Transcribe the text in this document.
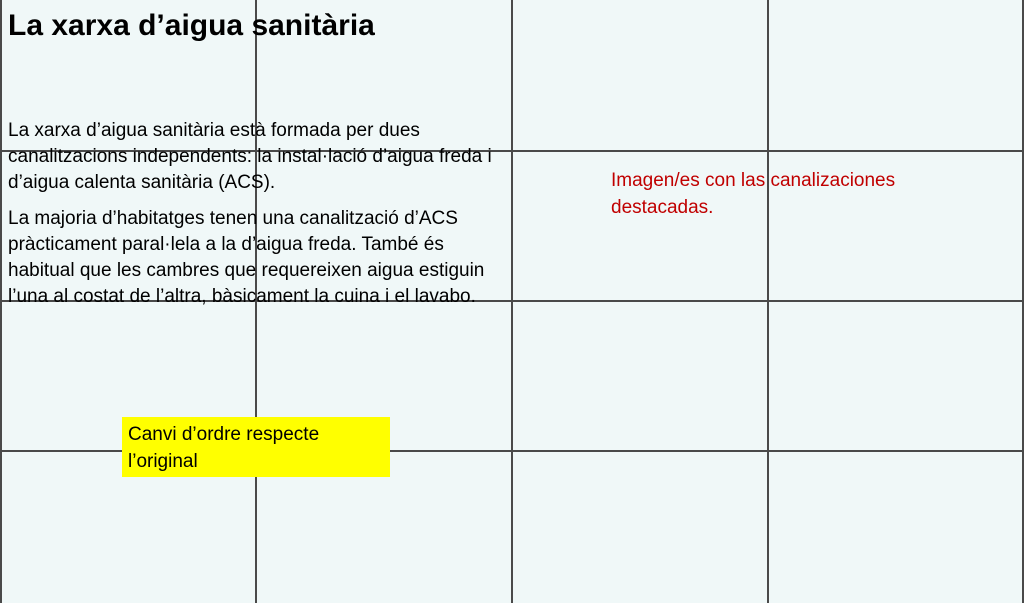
La xarxa d’aigua sanitària

La xarxa d’aigua sanitària està formada per dues canalitzacions independents: la instal·lació d’aigua freda i d’aigua calenta sanitària (ACS).

La majoria d’habitatges tenen una canalització d’ACS pràcticament paral·lela a la d’aigua freda. També és habitual que les cambres que requereixen aigua estiguin l’una al costat de l’altra, bàsicament la cuina i el lavabo.

Imagen/es con las canalizaciones destacadas.
Canvi d’ordre respecte l’original
